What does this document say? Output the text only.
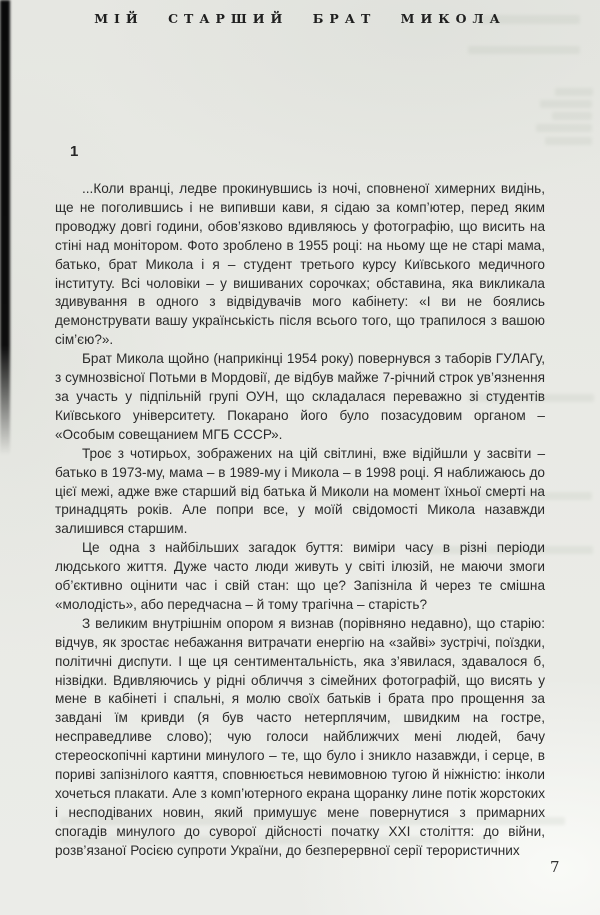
МІЙ СТАРШИЙ БРАТ МИКОЛА
1

...Коли вранці, ледве прокинувшись із ночі, сповненої химерних видінь, ще не поголившись і не випивши кави, я сідаю за комп’ютер, перед яким проводжу довгі години, обов’язково вдивляюсь у фотографію, що висить на стіні над монітором. Фото зроблено в 1955 році: на ньому ще не старі мама, батько, брат Микола і я – студент третього курсу Київського медичного інституту. Всі чоловіки – у вишиваних сорочках; обставина, яка викликала здивування в одного з відвідувачів мого кабінету: «І ви не боялись демонструвати вашу українськість після всього того, що трапилося з вашою сім’єю?».

Брат Микола щойно (наприкінці 1954 року) повернувся з таборів ГУЛАГу, з сумнозвісної Потьми в Мордовії, де відбув майже 7-річний строк ув’язнення за участь у підпільній групі ОУН, що складалася переважно зі студентів Київського університету. Покарано його було позасудовим органом – «Особым совещанием МГБ СССР».

Троє з чотирьох, зображених на цій світлині, вже відійшли у засвіти – батько в 1973-му, мама – в 1989-му і Микола – в 1998 році. Я наближаюсь до цієї межі, адже вже старший від батька й Миколи на момент їхньої смерті на тринадцять років. Але попри все, у моїй свідомості Микола назавжди залишився старшим.

Це одна з найбільших загадок буття: виміри часу в різні періоди людського життя. Дуже часто люди живуть у світі ілюзій, не маючи змоги об’єктивно оцінити час і свій стан: що це? Запізніла й через те смішна «молодість», або передчасна – й тому трагічна – старість?

З великим внутрішнім опором я визнав (порівняно недавно), що старію: відчув, як зростає небажання витрачати енергію на «зайві» зустрічі, поїздки, політичні диспути. І ще ця сентиментальність, яка з’явилася, здавалося б, нізвідки. Вдивляючись у рідні обличчя з сімейних фотографій, що висять у мене в кабінеті і спальні, я молю своїх батьків і брата про прощення за завдані їм кривди (я був часто нетерплячим, швидким на гостре, несправедливе слово); чую голоси найближчих мені людей, бачу стереоскопічні картини минулого – те, що було і зникло назавжди, і серце, в пориві запізнілого каяття, сповнюється невимовною тугою й ніжністю: інколи хочеться плакати. Але з комп’ютерного екрана щоранку лине потік жорстоких і несподіваних новин, який примушує мене повернутися з примарних спогадів минулого до суворої дійсності початку XXI століття: до війни, розв’язаної Росією супроти України, до безперервної серії терористичних

7
